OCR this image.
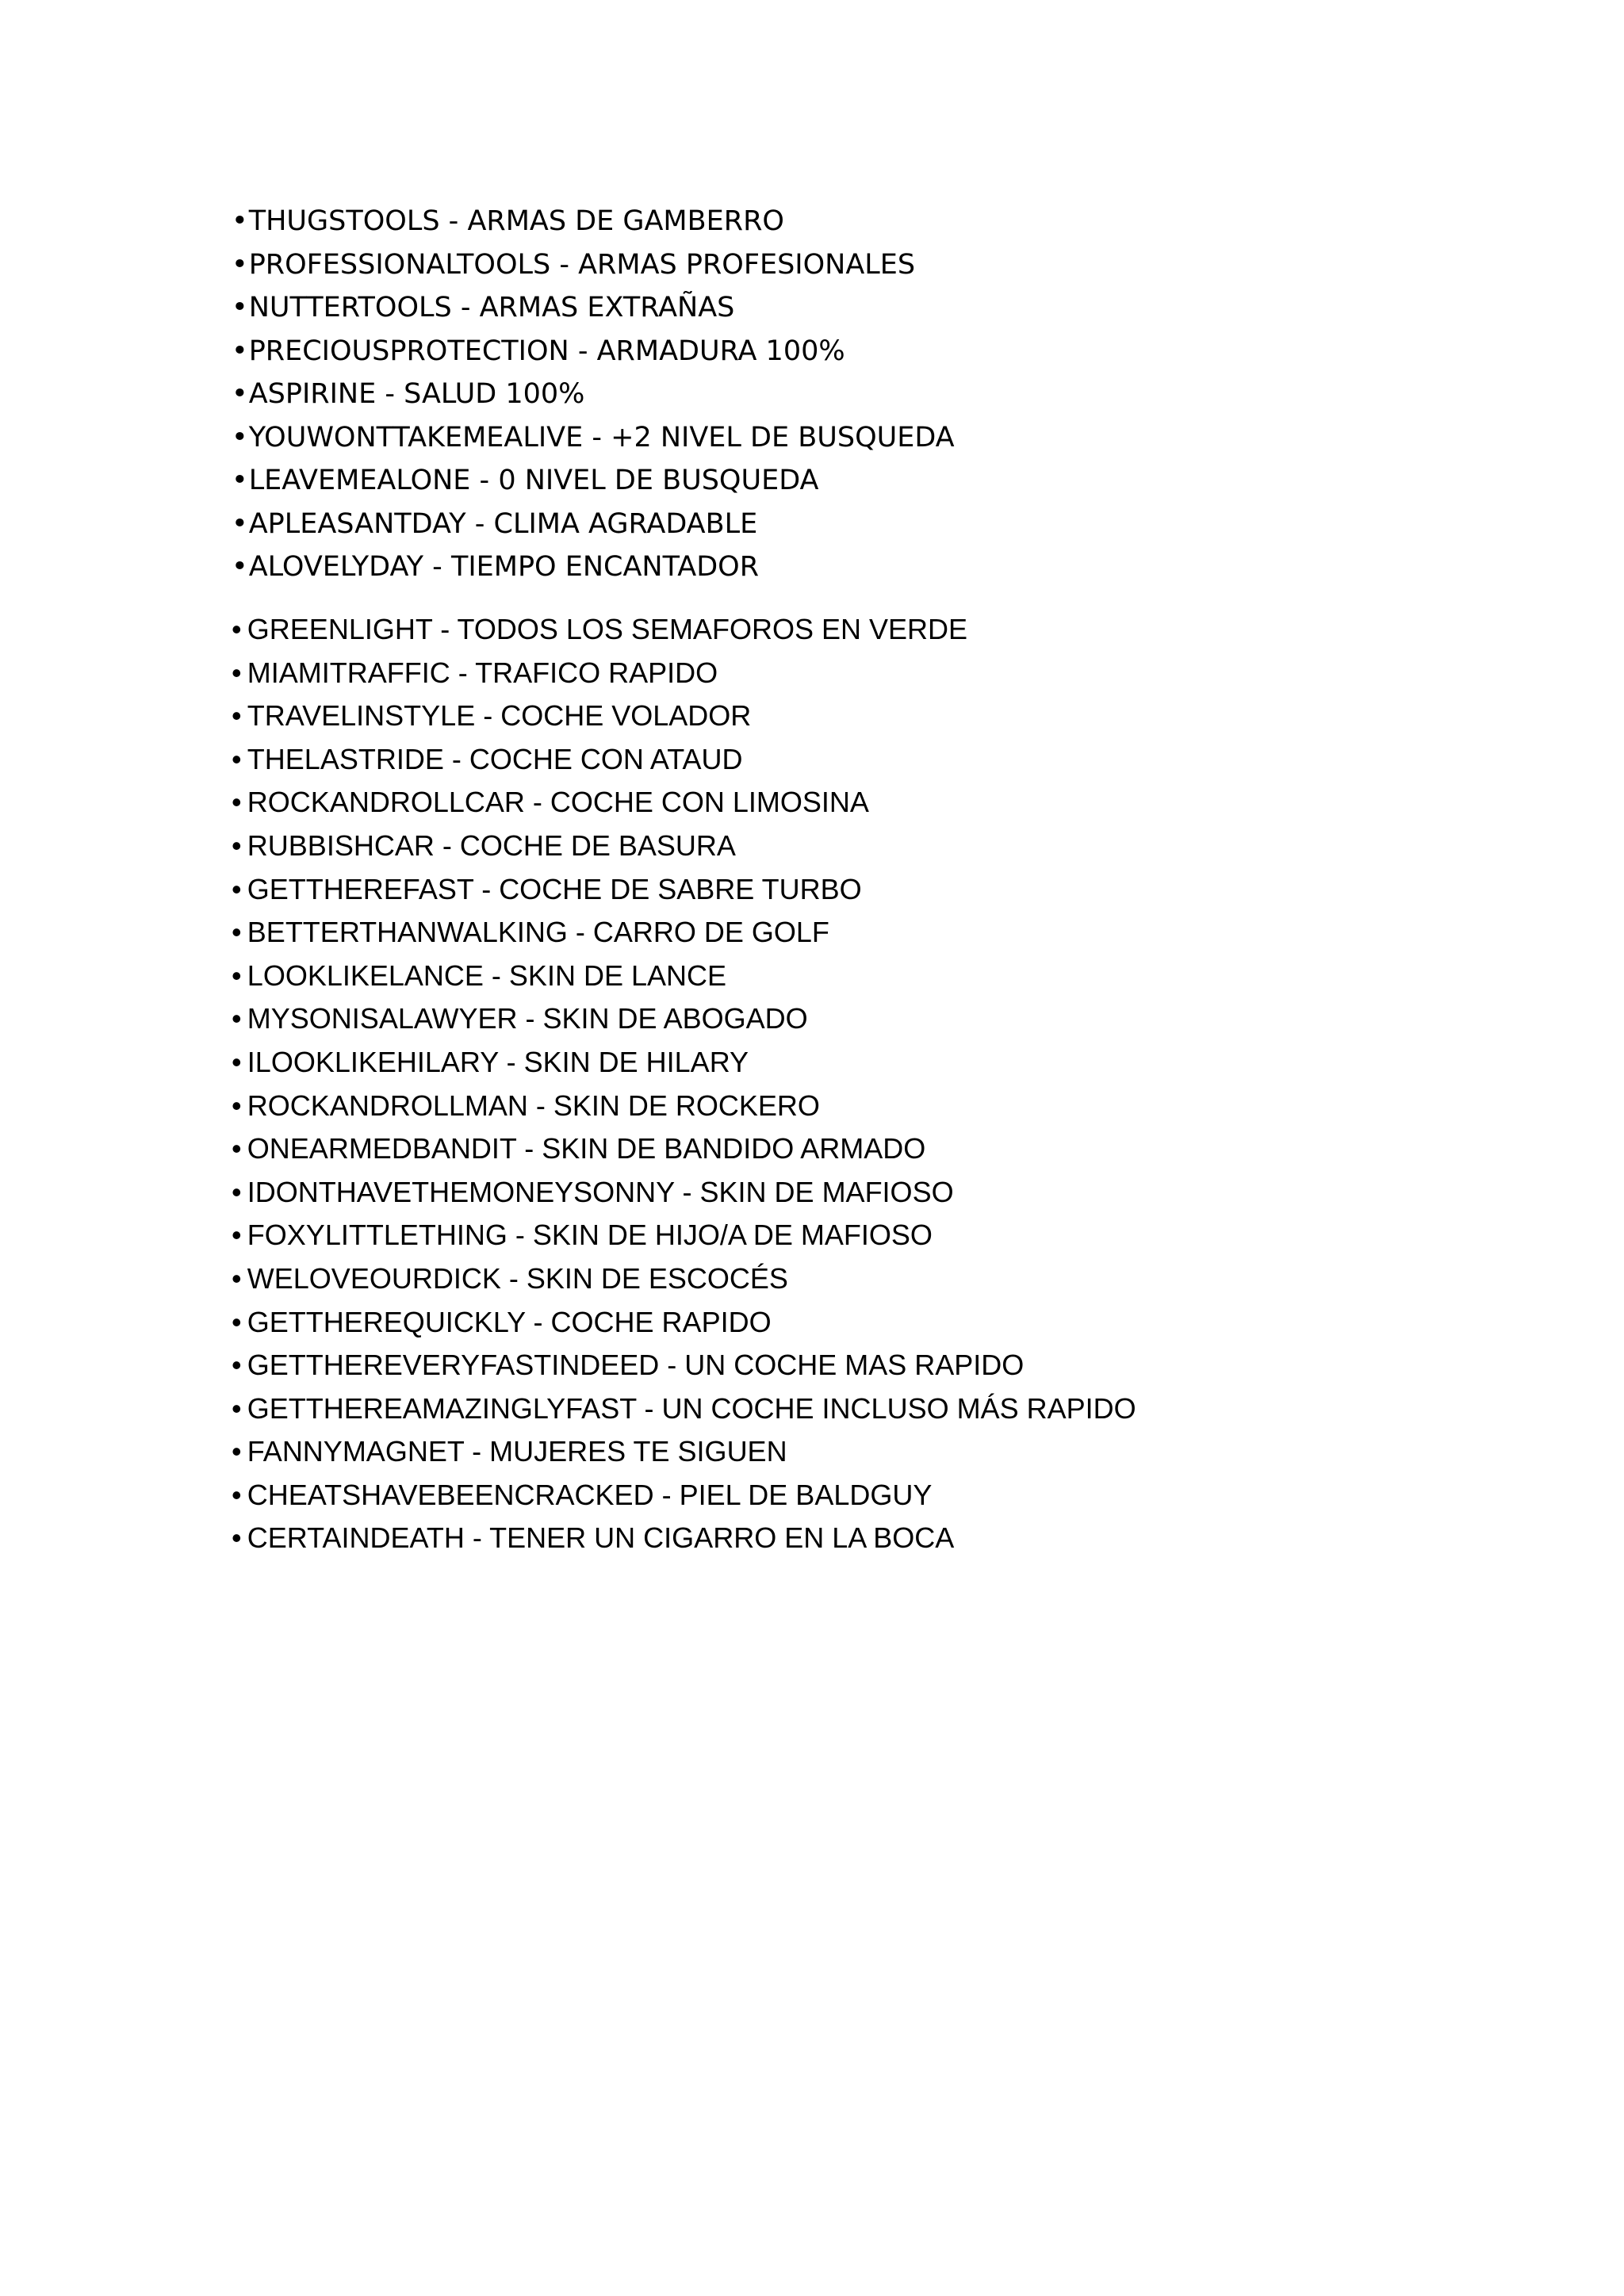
•THUGSTOOLS - ARMAS DE GAMBERRO
•PROFESSIONALTOOLS - ARMAS PROFESIONALES
•NUTTERTOOLS - ARMAS EXTRAÑAS
•PRECIOUSPROTECTION - ARMADURA 100%
•ASPIRINE - SALUD 100%
•YOUWONTTAKEMEALIVE - +2 NIVEL DE BUSQUEDA
•LEAVEMEALONE - 0 NIVEL DE BUSQUEDA
•APLEASANTDAY - CLIMA AGRADABLE
•ALOVELYDAY - TIEMPO ENCANTADOR
• GREENLIGHT - TODOS LOS SEMAFOROS EN VERDE
• MIAMITRAFFIC - TRAFICO RAPIDO
• TRAVELINSTYLE - COCHE VOLADOR
• THELASTRIDE - COCHE CON ATAUD
• ROCKANDROLLCAR - COCHE CON LIMOSINA
• RUBBISHCAR - COCHE DE BASURA
• GETTHEREFAST - COCHE DE SABRE TURBO
• BETTERTHANWALKING - CARRO DE GOLF
• LOOKLIKELANCE - SKIN DE LANCE
• MYSONISALAWYER - SKIN DE ABOGADO
• ILOOKLIKEHILARY - SKIN DE HILARY
• ROCKANDROLLMAN - SKIN DE ROCKERO
• ONEARMEDBANDIT - SKIN DE BANDIDO ARMADO
• IDONTHAVETHEMONEYSONNY - SKIN DE MAFIOSO
• FOXYLITTLETHING - SKIN DE HIJO/A DE MAFIOSO
• WELOVEOURDICK - SKIN DE ESCOCÉS
• GETTHEREQUICKLY - COCHE RAPIDO
• GETTHEREVERYFASTINDEED - UN COCHE MAS RAPIDO
• GETTHEREAMAZINGLYFAST - UN COCHE INCLUSO MÁS RAPIDO
• FANNYMAGNET - MUJERES TE SIGUEN
• CHEATSHAVEBEENCRACKED - PIEL DE BALDGUY
• CERTAINDEATH - TENER UN CIGARRO EN LA BOCA
